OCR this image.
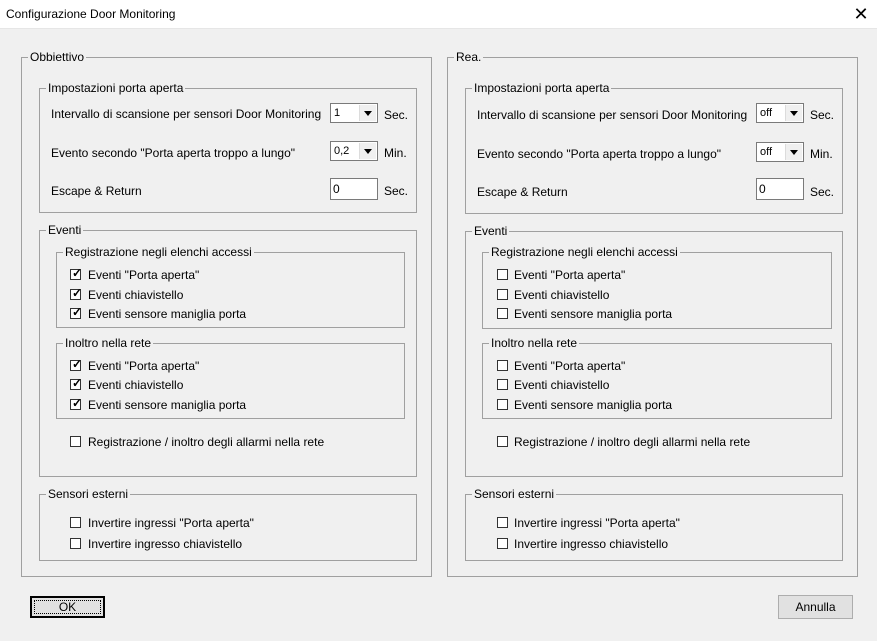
Configurazione Door Monitoring	✕
Obbiettivo
Impostazioni porta aperta
Intervallo di scansione per sensori Door Monitoring 1	Sec.
Evento secondo "Porta aperta troppo a lungo"	0,2	Min.
Escape & Return	0	Sec.
Eventi
Registrazione negli elenchi accessi
✓ Eventi "Porta aperta"
✓ Eventi chiavistello
✓ Eventi sensore maniglia porta
Inoltro nella rete
✓ Eventi "Porta aperta"
✓ Eventi chiavistello
✓ Eventi sensore maniglia porta
Registrazione / inoltro degli allarmi nella rete
Sensori esterni
Invertire ingressi "Porta aperta"
Invertire ingresso chiavistello
Rea.
Impostazioni porta aperta
Intervallo di scansione per sensori Door Monitoring off	Sec.
Evento secondo "Porta aperta troppo a lungo"	off	Min.
Escape & Return	0	Sec.
Eventi
Registrazione negli elenchi accessi
Eventi "Porta aperta"
Eventi chiavistello
Eventi sensore maniglia porta
Inoltro nella rete
Eventi "Porta aperta"
Eventi chiavistello
Eventi sensore maniglia porta
Registrazione / inoltro degli allarmi nella rete
Sensori esterni
Invertire ingressi "Porta aperta"
Invertire ingresso chiavistello
OK	Annulla
